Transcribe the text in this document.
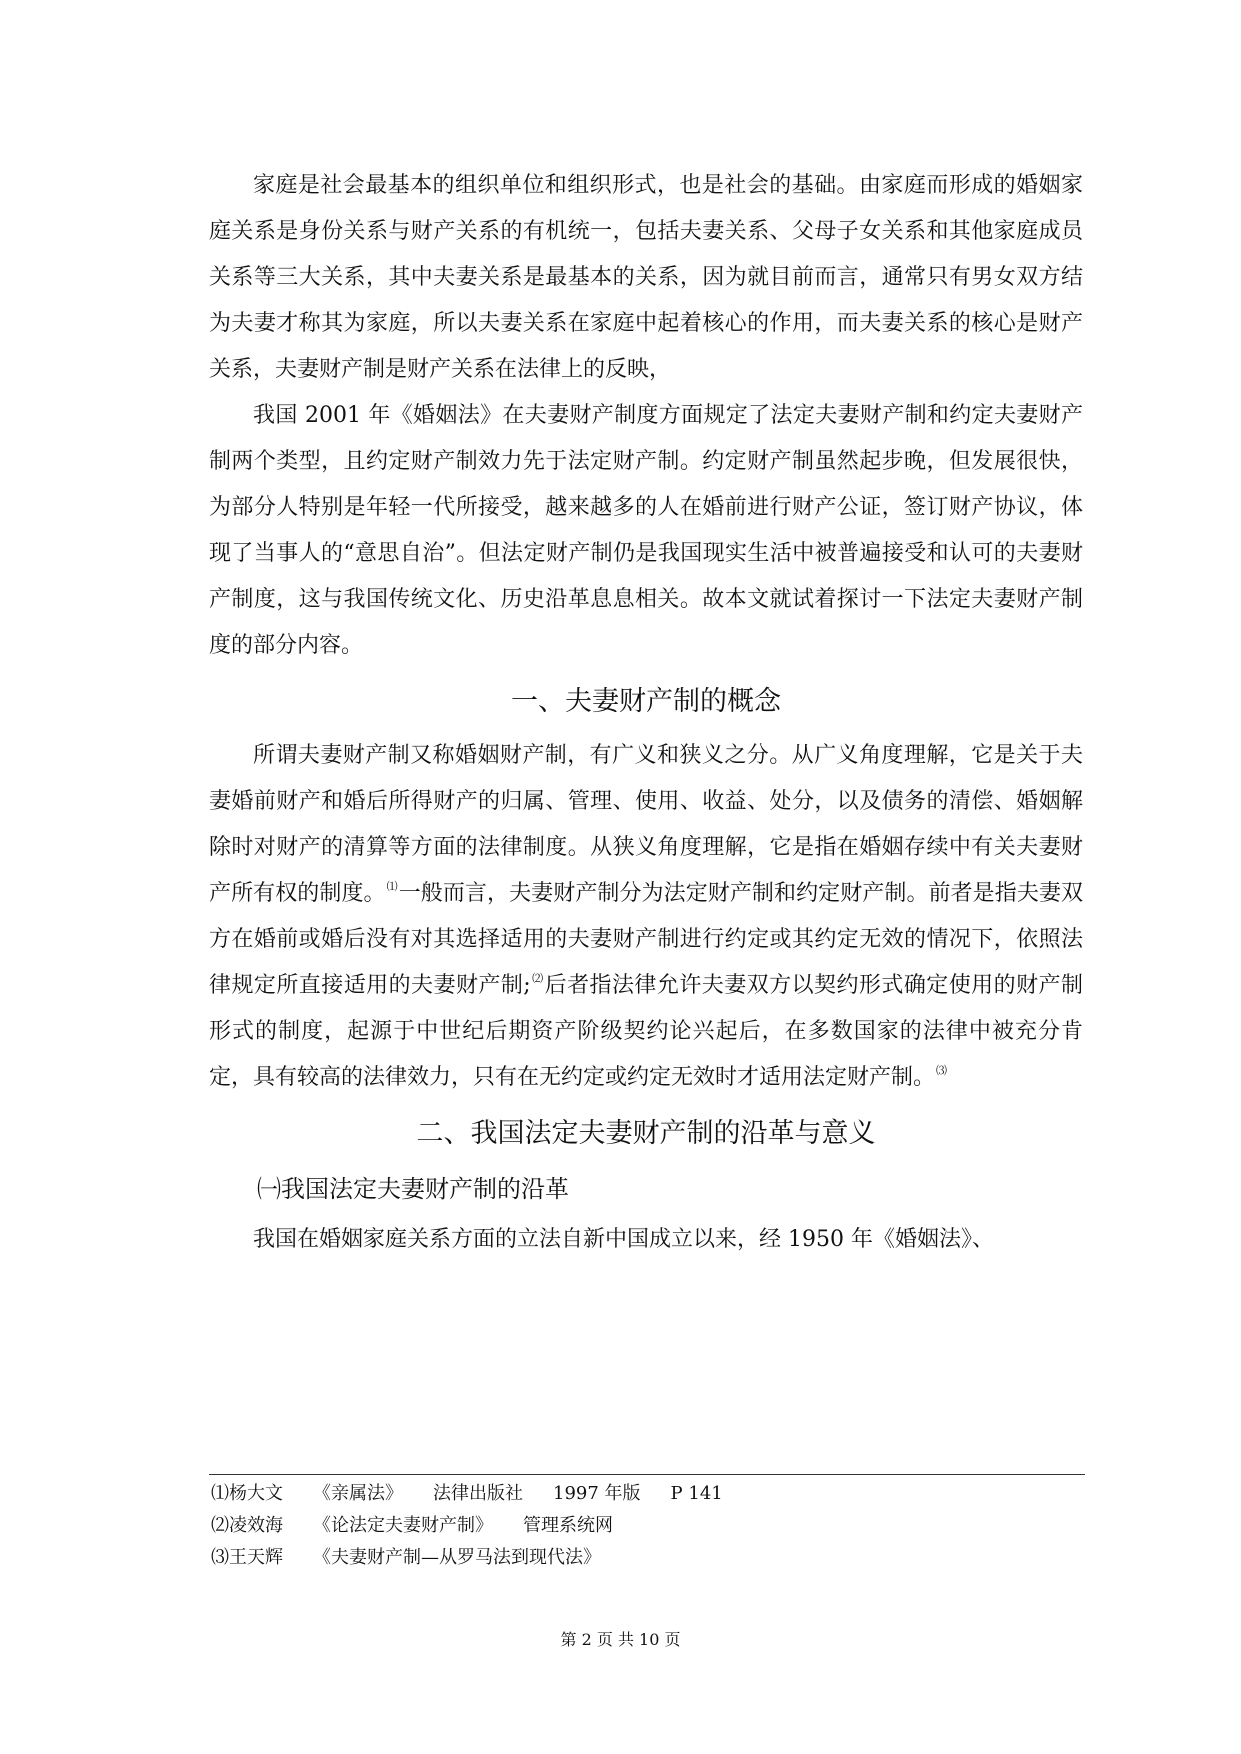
家庭是社会最基本的组织单位和组织形式，也是社会的基础。由家庭而形成的婚姻家庭关系是身份关系与财产关系的有机统一，包括夫妻关系、父母子女关系和其他家庭成员关系等三大关系，其中夫妻关系是最基本的关系，因为就目前而言，通常只有男女双方结为夫妻才称其为家庭，所以夫妻关系在家庭中起着核心的作用，而夫妻关系的核心是财产关系，夫妻财产制是财产关系在法律上的反映，

我国 2001 年《婚姻法》在夫妻财产制度方面规定了法定夫妻财产制和约定夫妻财产制两个类型，且约定财产制效力先于法定财产制。约定财产制虽然起步晚，但发展很快，为部分人特别是年轻一代所接受，越来越多的人在婚前进行财产公证，签订财产协议，体现了当事人的“意思自治”。但法定财产制仍是我国现实生活中被普遍接受和认可的夫妻财产制度，这与我国传统文化、历史沿革息息相关。故本文就试着探讨一下法定夫妻财产制度的部分内容。

一、夫妻财产制的概念

所谓夫妻财产制又称婚姻财产制，有广义和狭义之分。从广义角度理解，它是关于夫妻婚前财产和婚后所得财产的归属、管理、使用、收益、处分，以及债务的清偿、婚姻解除时对财产的清算等方面的法律制度。从狭义角度理解，它是指在婚姻存续中有关夫妻财产所有权的制度。⑴一般而言，夫妻财产制分为法定财产制和约定财产制。前者是指夫妻双方在婚前或婚后没有对其选择适用的夫妻财产制进行约定或其约定无效的情况下，依照法律规定所直接适用的夫妻财产制;⑵后者指法律允许夫妻双方以契约形式确定使用的财产制形式的制度，起源于中世纪后期资产阶级契约论兴起后，在多数国家的法律中被充分肯定，具有较高的法律效力，只有在无约定或约定无效时才适用法定财产制。⑶

二、我国法定夫妻财产制的沿革与意义
㈠我国法定夫妻财产制的沿革

我国在婚姻家庭关系方面的立法自新中国成立以来，经 1950 年《婚姻法》、

⑴杨大文 《亲属法》 法律出版社 1997 年版 P 141
⑵凌效海 《论法定夫妻财产制》 管理系统网
⑶王天辉 《夫妻财产制—从罗马法到现代法》
第 2 页 共 10 页
